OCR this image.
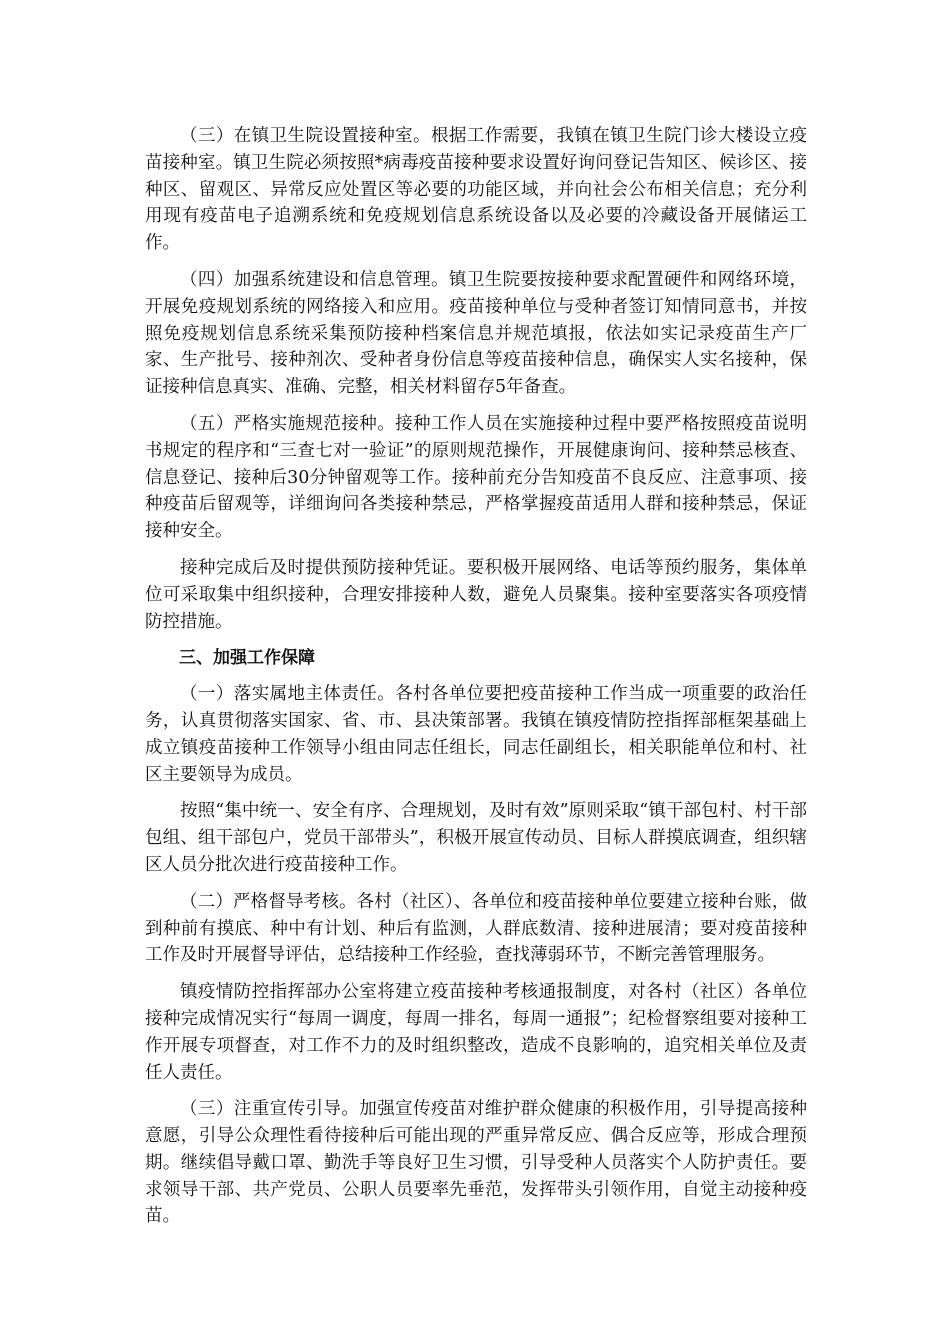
（三）在镇卫生院设置接种室。根据工作需要，我镇在镇卫生院门诊大楼设立疫苗接种室。镇卫生院必须按照*病毒疫苗接种要求设置好询问登记告知区、候诊区、接种区、留观区、异常反应处置区等必要的功能区域，并向社会公布相关信息；充分利用现有疫苗电子追溯系统和免疫规划信息系统设备以及必要的冷藏设备开展储运工作。

（四）加强系统建设和信息管理。镇卫生院要按接种要求配置硬件和网络环境，开展免疫规划系统的网络接入和应用。疫苗接种单位与受种者签订知情同意书，并按照免疫规划信息系统采集预防接种档案信息并规范填报，依法如实记录疫苗生产厂家、生产批号、接种剂次、受种者身份信息等疫苗接种信息，确保实人实名接种，保证接种信息真实、准确、完整，相关材料留存5年备查。

（五）严格实施规范接种。接种工作人员在实施接种过程中要严格按照疫苗说明书规定的程序和“三查七对一验证”的原则规范操作，开展健康询问、接种禁忌核查、信息登记、接种后30分钟留观等工作。接种前充分告知疫苗不良反应、注意事项、接种疫苗后留观等，详细询问各类接种禁忌，严格掌握疫苗适用人群和接种禁忌，保证接种安全。

接种完成后及时提供预防接种凭证。要积极开展网络、电话等预约服务，集体单位可采取集中组织接种，合理安排接种人数，避免人员聚集。接种室要落实各项疫情防控措施。

三、加强工作保障

（一）落实属地主体责任。各村各单位要把疫苗接种工作当成一项重要的政治任务，认真贯彻落实国家、省、市、县决策部署。我镇在镇疫情防控指挥部框架基础上成立镇疫苗接种工作领导小组由同志任组长，同志任副组长，相关职能单位和村、社区主要领导为成员。

按照“集中统一、安全有序、合理规划，及时有效”原则采取“镇干部包村、村干部包组、组干部包户，党员干部带头”，积极开展宣传动员、目标人群摸底调查，组织辖区人员分批次进行疫苗接种工作。

（二）严格督导考核。各村（社区）、各单位和疫苗接种单位要建立接种台账，做到种前有摸底、种中有计划、种后有监测，人群底数清、接种进展清；要对疫苗接种工作及时开展督导评估，总结接种工作经验，查找薄弱环节，不断完善管理服务。

镇疫情防控指挥部办公室将建立疫苗接种考核通报制度，对各村（社区）各单位接种完成情况实行“每周一调度，每周一排名，每周一通报”；纪检督察组要对接种工作开展专项督查，对工作不力的及时组织整改，造成不良影响的，追究相关单位及责任人责任。

（三）注重宣传引导。加强宣传疫苗对维护群众健康的积极作用，引导提高接种意愿，引导公众理性看待接种后可能出现的严重异常反应、偶合反应等，形成合理预期。继续倡导戴口罩、勤洗手等良好卫生习惯，引导受种人员落实个人防护责任。要求领导干部、共产党员、公职人员要率先垂范，发挥带头引领作用，自觉主动接种疫苗。
